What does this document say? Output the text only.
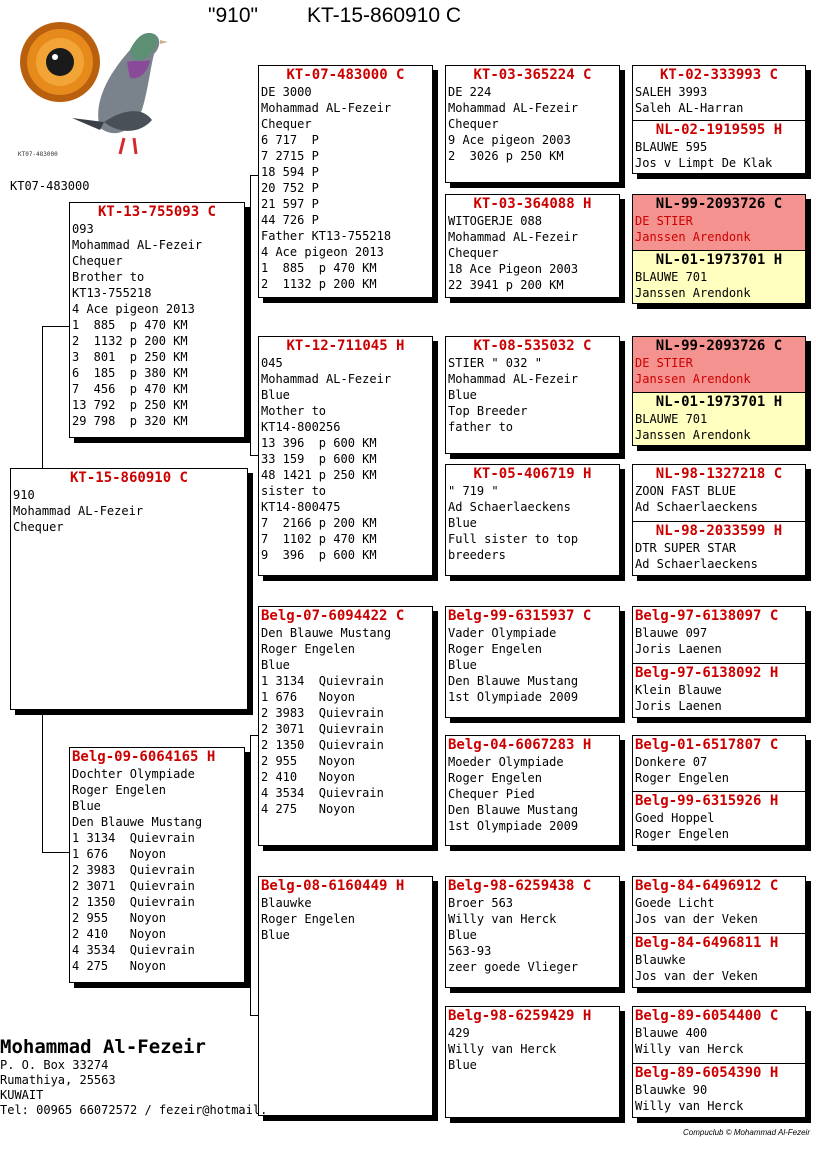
"910" KT-15-860910 C
KT07-483000
KT07-483000
KT-15-860910 C
910
Mohammad AL-Fezeir
Chequer
KT-13-755093 C
093
Mohammad AL-Fezeir
Chequer
Brother to
KT13-755218
4 Ace pigeon 2013
1  885  p 470 KM
2  1132 p 200 KM
3  801  p 250 KM
6  185  p 380 KM
7  456  p 470 KM
13 792  p 250 KM
29 798  p 320 KM
Belg-09-6064165 H
Dochter Olympiade
Roger Engelen
Blue
Den Blauwe Mustang
1 3134  Quievrain
1 676   Noyon
2 3983  Quievrain
2 3071  Quievrain
2 1350  Quievrain
2 955   Noyon
2 410   Noyon
4 3534  Quievrain
4 275   Noyon
KT-07-483000 C
DE 3000
Mohammad AL-Fezeir
Chequer
6 717  P
7 2715 P
18 594 P
20 752 P
21 597 P
44 726 P
Father KT13-755218
4 Ace pigeon 2013
1  885  p 470 KM
2  1132 p 200 KM
KT-12-711045 H
045
Mohammad AL-Fezeir
Blue
Mother to
KT14-800256
13 396  p 600 KM
33 159  p 600 KM
48 1421 p 250 KM
sister to
KT14-800475
7  2166 p 200 KM
7  1102 p 470 KM
9  396  p 600 KM
Belg-07-6094422 C
Den Blauwe Mustang
Roger Engelen
Blue
1 3134  Quievrain
1 676   Noyon
2 3983  Quievrain
2 3071  Quievrain
2 1350  Quievrain
2 955   Noyon
2 410   Noyon
4 3534  Quievrain
4 275   Noyon
Belg-08-6160449 H
Blauwke
Roger Engelen
Blue
KT-03-365224 C
DE 224
Mohammad AL-Fezeir
Chequer
9 Ace pigeon 2003
2  3026 p 250 KM
KT-03-364088 H
WITOGERJE 088
Mohammad AL-Fezeir
Chequer
18 Ace Pigeon 2003
22 3941 p 200 KM
KT-08-535032 C
STIER " 032 "
Mohammad AL-Fezeir
Blue
Top Breeder
father to
KT-05-406719 H
" 719 "
Ad Schaerlaeckens
Blue
Full sister to top
breeders
Belg-99-6315937 C
Vader Olympiade
Roger Engelen
Blue
Den Blauwe Mustang
1st Olympiade 2009
Belg-04-6067283 H
Moeder Olympiade
Roger Engelen
Chequer Pied
Den Blauwe Mustang
1st Olympiade 2009
Belg-98-6259438 C
Broer 563
Willy van Herck
Blue
563-93
zeer goede Vlieger
Belg-98-6259429 H
429
Willy van Herck
Blue
KT-02-333993 C
SALEH 3993
Saleh AL-Harran
NL-02-1919595 H
BLAUWE 595
Jos v Limpt De Klak
NL-99-2093726 C
DE STIER
Janssen Arendonk
NL-01-1973701 H
BLAUWE 701
Janssen Arendonk
NL-99-2093726 C
DE STIER
Janssen Arendonk
NL-01-1973701 H
BLAUWE 701
Janssen Arendonk
NL-98-1327218 C
ZOON FAST BLUE
Ad Schaerlaeckens
NL-98-2033599 H
DTR SUPER STAR
Ad Schaerlaeckens
Belg-97-6138097 C
Blauwe 097
Joris Laenen
Belg-97-6138092 H
Klein Blauwe
Joris Laenen
Belg-01-6517807 C
Donkere 07
Roger Engelen
Belg-99-6315926 H
Goed Hoppel
Roger Engelen
Belg-84-6496912 C
Goede Licht
Jos van der Veken
Belg-84-6496811 H
Blauwke
Jos van der Veken
Belg-89-6054400 C
Blauwe 400
Willy van Herck
Belg-89-6054390 H
Blauwke 90
Willy van Herck
Mohammad Al-Fezeir
P. O. Box 33274
Rumathiya, 25563
KUWAIT
Tel: 00965 66072572 / fezeir@hotmail.
Compuclub © Mohammad Al-Fezeir
